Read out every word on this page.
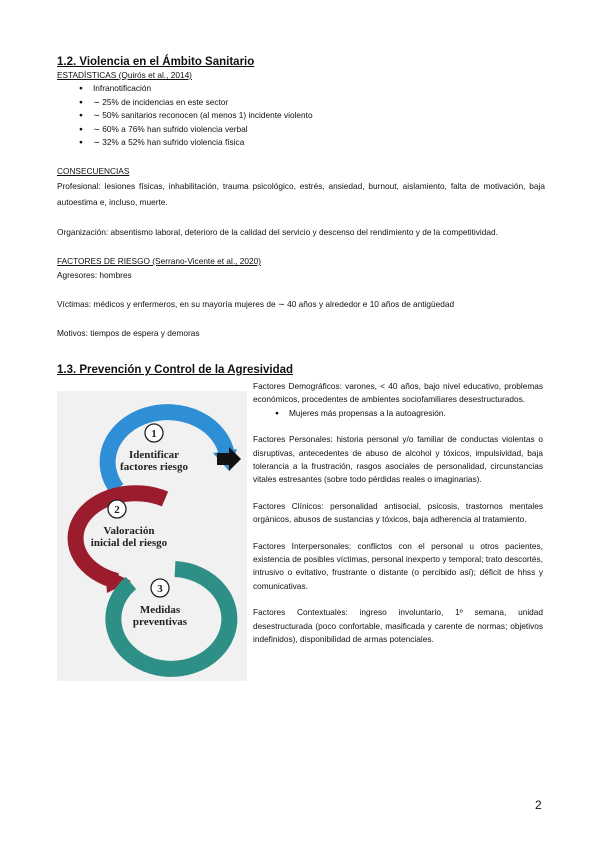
1.2. Violencia en el Ámbito Sanitario
ESTADÍSTICAS (Quirós et al., 2014)
● Infranotificación
● ∼ 25% de incidencias en este sector
● ∼ 50% sanitarios reconocen (al menos 1) incidente violento
● ∼ 60% a 76% han sufrido violencia verbal
● ∼ 32% a 52% han sufrido violencia física
CONSECUENCIAS
Profesional: lesiones físicas, inhabilitación, trauma psicológico, estrés, ansiedad, burnout, aislamiento, falta de motivación, baja autoestima e, incluso, muerte.
Organización: absentismo laboral, deterioro de la calidad del servicio y descenso del rendimiento y de la competitividad.
FACTORES DE RIESGO (Serrano-Vicente et al., 2020)
Agresores: hombres
Víctimas: médicos y enfermeros, en su mayoría mujeres de ∼ 40 años y alrededor e 10 años de antigüedad
Motivos: tiempos de espera y demoras
1.3. Prevención y Control de la Agresividad
1
Identificar
factores riesgo
2
Valoración
inicial del riesgo
3
Medidas
preventivas
Factores Demográficos: varones, < 40 años, bajo nivel educativo, problemas económicos, procedentes de ambientes sociofamiliares desestructurados.
● Mujeres más propensas a la autoagresión.
Factores Personales: historia personal y/o familiar de conductas violentas o disruptivas, antecedentes de abuso de alcohol y tóxicos, impulsividad, baja tolerancia a la frustración, rasgos asociales de personalidad, circunstancias vitales estresantes (sobre todo pérdidas reales o imaginarias).
Factores Clínicos: personalidad antisocial, psicosis, trastornos mentales orgánicos, abusos de sustancias y tóxicos, baja adherencia al tratamiento.
Factores Interpersonales: conflictos con el personal u otros pacientes, existencia de posibles víctimas, personal inexperto y temporal; trato descortés, intrusivo o evitativo, frustrante o distante (o percibido así); déficit de hhss y comunicativas.
Factores Contextuales: ingreso involuntario, 1º semana, unidad desestructurada (poco confortable, masificada y carente de normas; objetivos indefinidos), disponibilidad de armas potenciales.
2
